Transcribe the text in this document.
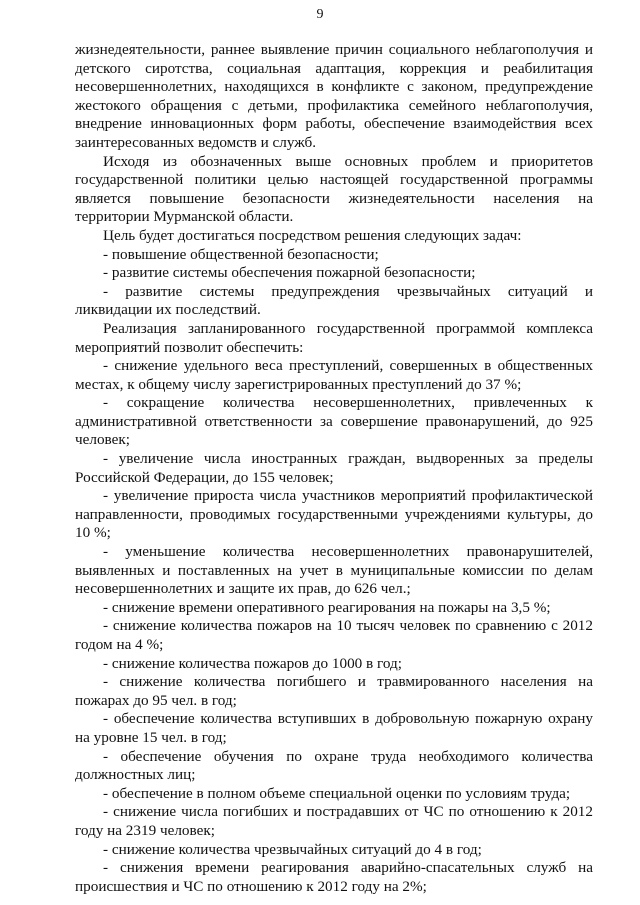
9

жизнедеятельности, раннее выявление причин социального неблагополучия и детского сиротства, социальная адаптация, коррекция и реабилитация несовершеннолетних, находящихся в конфликте с законом, предупреждение жестокого обращения с детьми, профилактика семейного неблагополучия, внедрение инновационных форм работы, обеспечение взаимодействия всех заинтересованных ведомств и служб.

Исходя из обозначенных выше основных проблем и приоритетов государственной политики целью настоящей государственной программы является повышение безопасности жизнедеятельности населения на территории Мурманской области.

Цель будет достигаться посредством решения следующих задач:

- повышение общественной безопасности;

- развитие системы обеспечения пожарной безопасности;

- развитие системы предупреждения чрезвычайных ситуаций и ликвидации их последствий.

Реализация запланированного государственной программой комплекса мероприятий позволит обеспечить:

- снижение удельного веса преступлений, совершенных в общественных местах, к общему числу зарегистрированных преступлений до 37 %;

- сокращение количества несовершеннолетних, привлеченных к административной ответственности за совершение правонарушений, до 925 человек;

- увеличение числа иностранных граждан, выдворенных за пределы Российской Федерации, до 155 человек;

- увеличение прироста числа участников мероприятий профилактической направленности, проводимых государственными учреждениями культуры, до 10 %;

- уменьшение количества несовершеннолетних правонарушителей, выявленных и поставленных на учет в муниципальные комиссии по делам несовершеннолетних и защите их прав, до 626 чел.;

- снижение времени оперативного реагирования на пожары на 3,5 %;

- снижение количества пожаров на 10 тысяч человек по сравнению с 2012 годом на 4 %;

- снижение количества пожаров до 1000 в год;

- снижение количества погибшего и травмированного населения на пожарах до 95 чел. в год;

- обеспечение количества вступивших в добровольную пожарную охрану на уровне 15 чел. в год;

- обеспечение обучения по охране труда необходимого количества должностных лиц;

- обеспечение в полном объеме специальной оценки по условиям труда;

- снижение числа погибших и пострадавших от ЧС по отношению к 2012 году на 2319 человек;

- снижение количества чрезвычайных ситуаций до 4 в год;

- снижения времени реагирования аварийно-спасательных служб на происшествия и ЧС по отношению к 2012 году на 2%;
